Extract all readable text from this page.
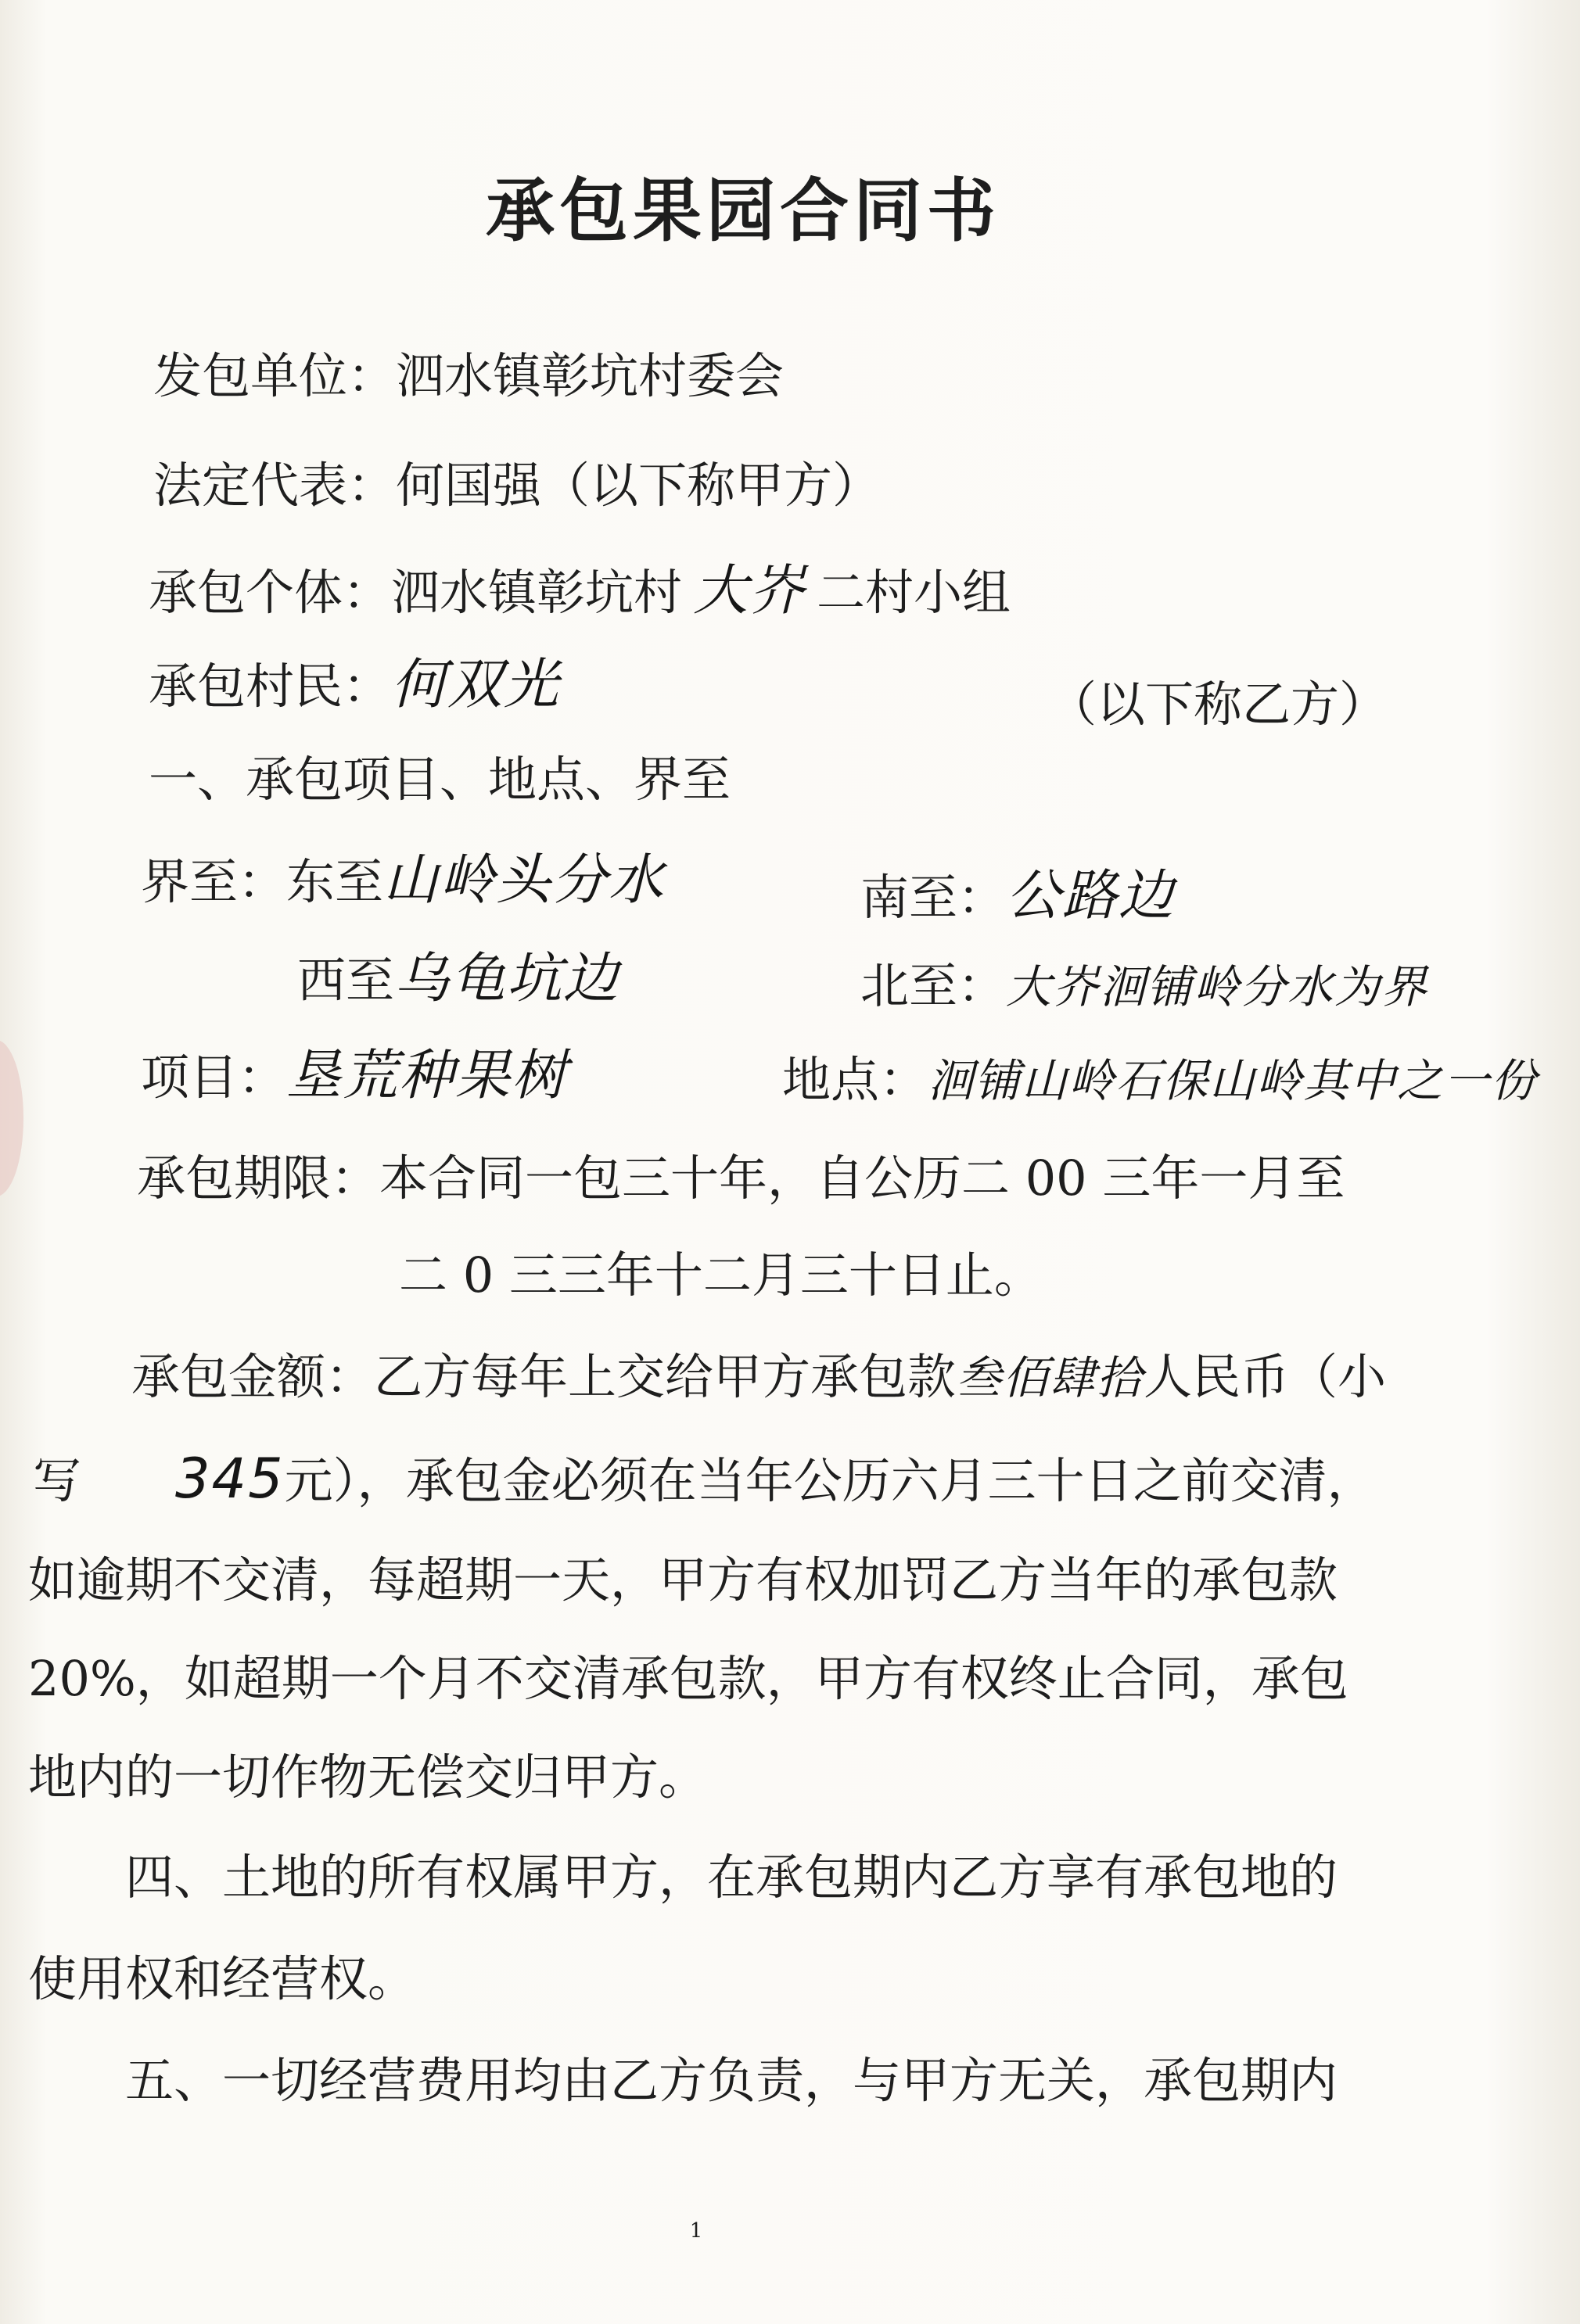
承包果园合同书
发包单位：泗水镇彰坑村委会
法定代表：何国强（以下称甲方）
承包个体：泗水镇彰坑村 大岕 二村小组
承包村民：何双光	（以下称乙方）
一、承包项目、地点、界至
界至：东至山岭头分水	南至：公路边
西至乌龟坑边	北至：大岕洄铺岭分水为界
项目：垦荒种果树	地点：洄铺山岭石保山岭其中之一份
承包期限：本合同一包三十年，自公历二 00 三年一月至
二 0 三三年十二月三十日止。
承包金额：乙方每年上交给甲方承包款叁佰肆拾人民币（小
写 345元），承包金必须在当年公历六月三十日之前交清，
如逾期不交清，每超期一天，甲方有权加罚乙方当年的承包款
20%，如超期一个月不交清承包款，甲方有权终止合同，承包
地内的一切作物无偿交归甲方。
四、土地的所有权属甲方，在承包期内乙方享有承包地的
使用权和经营权。
五、一切经营费用均由乙方负责，与甲方无关，承包期内
1
